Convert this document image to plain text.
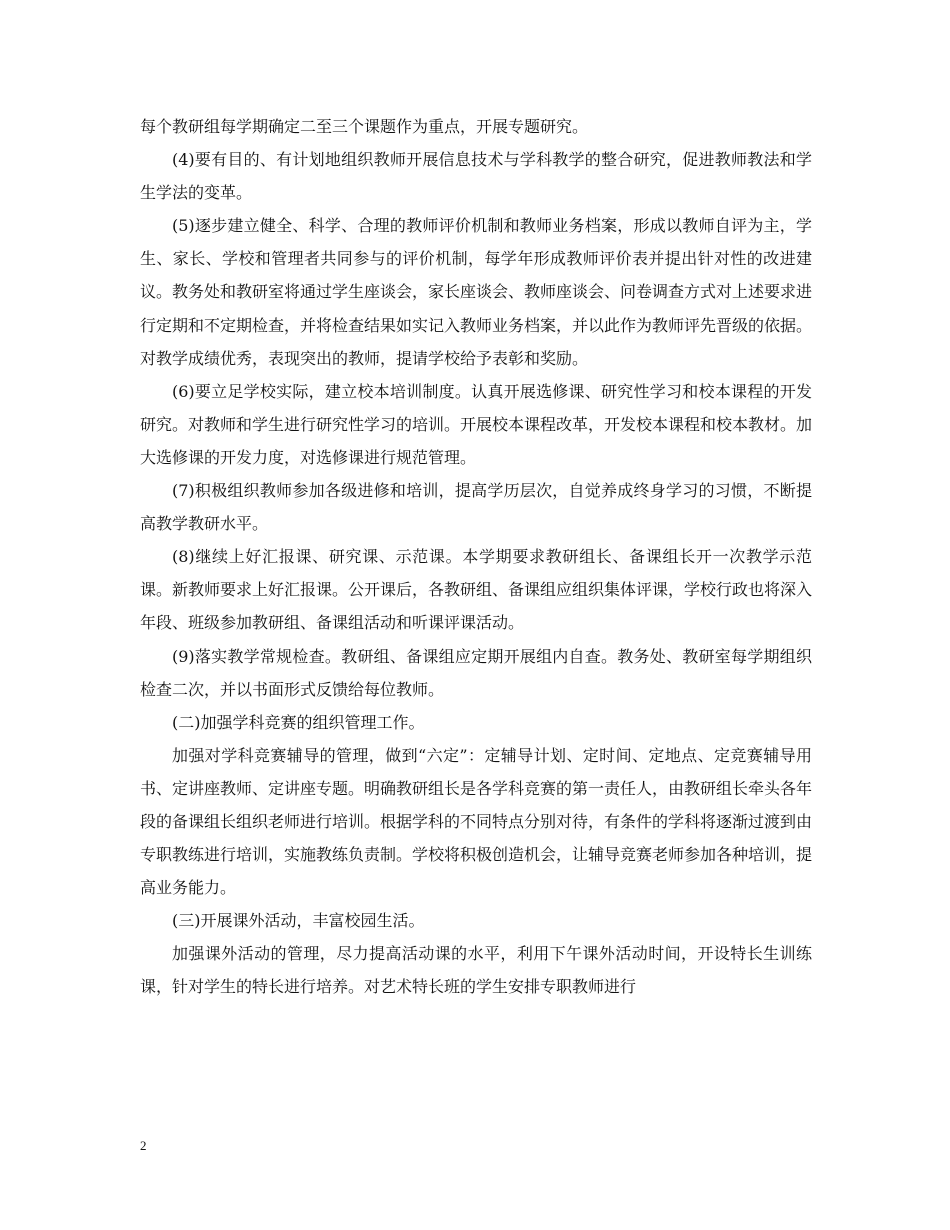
每个教研组每学期确定二至三个课题作为重点，开展专题研究。

(4)要有目的、有计划地组织教师开展信息技术与学科教学的整合研究，促进教师教法和学生学法的变革。

(5)逐步建立健全、科学、合理的教师评价机制和教师业务档案，形成以教师自评为主，学生、家长、学校和管理者共同参与的评价机制，每学年形成教师评价表并提出针对性的改进建议。教务处和教研室将通过学生座谈会，家长座谈会、教师座谈会、问卷调查方式对上述要求进行定期和不定期检查，并将检查结果如实记入教师业务档案，并以此作为教师评先晋级的依据。对教学成绩优秀，表现突出的教师，提请学校给予表彰和奖励。

(6)要立足学校实际，建立校本培训制度。认真开展选修课、研究性学习和校本课程的开发研究。对教师和学生进行研究性学习的培训。开展校本课程改革，开发校本课程和校本教材。加大选修课的开发力度，对选修课进行规范管理。

(7)积极组织教师参加各级进修和培训，提高学历层次，自觉养成终身学习的习惯，不断提高教学教研水平。

(8)继续上好汇报课、研究课、示范课。本学期要求教研组长、备课组长开一次教学示范课。新教师要求上好汇报课。公开课后，各教研组、备课组应组织集体评课，学校行政也将深入年段、班级参加教研组、备课组活动和听课评课活动。

(9)落实教学常规检查。教研组、备课组应定期开展组内自查。教务处、教研室每学期组织检查二次，并以书面形式反馈给每位教师。

(二)加强学科竞赛的组织管理工作。

加强对学科竞赛辅导的管理，做到“六定”：定辅导计划、定时间、定地点、定竞赛辅导用书、定讲座教师、定讲座专题。明确教研组长是各学科竞赛的第一责任人，由教研组长牵头各年段的备课组长组织老师进行培训。根据学科的不同特点分别对待，有条件的学科将逐渐过渡到由专职教练进行培训，实施教练负责制。学校将积极创造机会，让辅导竞赛老师参加各种培训，提高业务能力。

(三)开展课外活动，丰富校园生活。

加强课外活动的管理，尽力提高活动课的水平，利用下午课外活动时间，开设特长生训练课，针对学生的特长进行培养。对艺术特长班的学生安排专职教师进行

2
